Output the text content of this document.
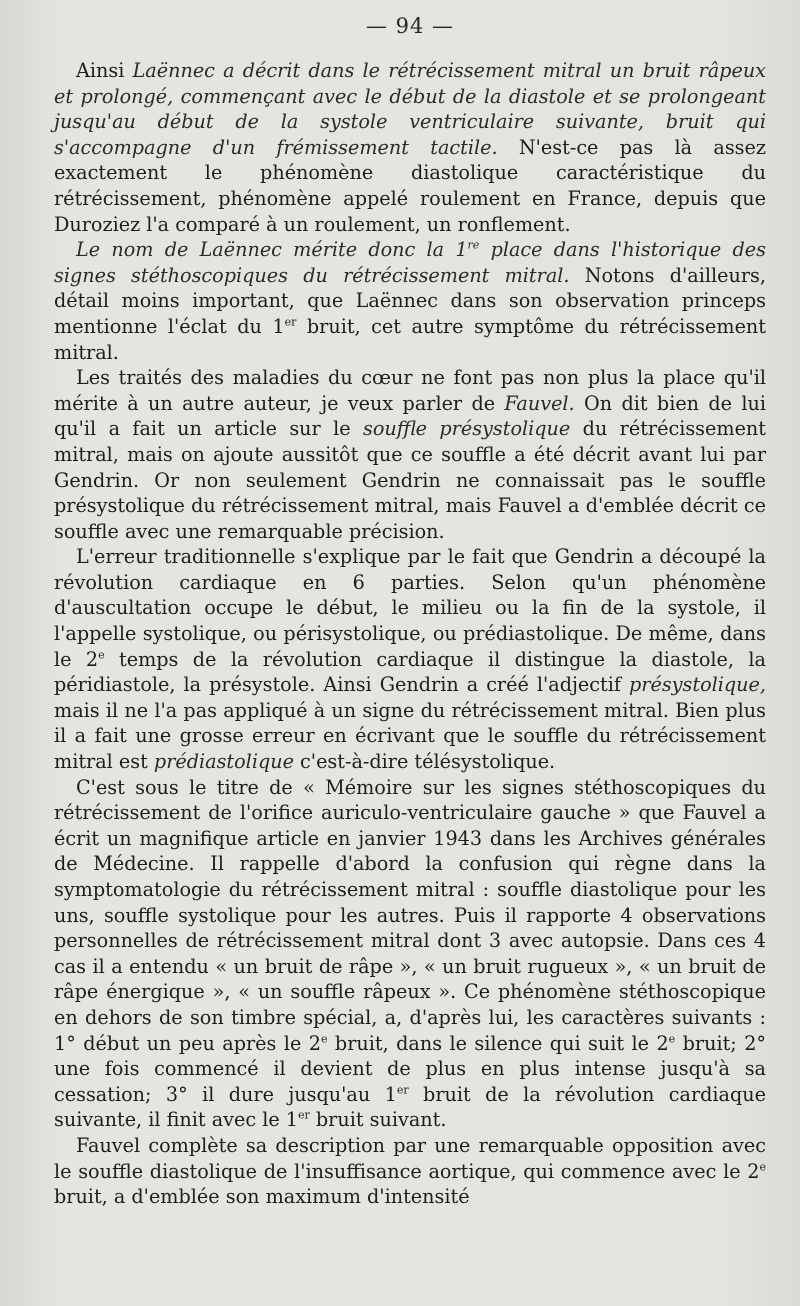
— 94 —

Ainsi Laënnec a décrit dans le rétrécissement mitral un bruit râpeux et prolongé, commençant avec le début de la diastole et se prolongeant jusqu'au début de la systole ventriculaire suivante, bruit qui s'accompagne d'un frémissement tactile. N'est-ce pas là assez exactement le phénomène diastolique caractéristique du rétrécissement, phénomène appelé roulement en France, depuis que Duroziez l'a comparé à un roulement, un ronflement.

Le nom de Laënnec mérite donc la 1re place dans l'historique des signes stéthoscopiques du rétrécissement mitral. Notons d'ailleurs, détail moins important, que Laënnec dans son observation princeps mentionne l'éclat du 1er bruit, cet autre symptôme du rétrécissement mitral.

Les traités des maladies du cœur ne font pas non plus la place qu'il mérite à un autre auteur, je veux parler de Fauvel. On dit bien de lui qu'il a fait un article sur le souffle présystolique du rétrécissement mitral, mais on ajoute aussitôt que ce souffle a été décrit avant lui par Gendrin. Or non seulement Gendrin ne connaissait pas le souffle présystolique du rétrécissement mitral, mais Fauvel a d'emblée décrit ce souffle avec une remarquable précision.

L'erreur traditionnelle s'explique par le fait que Gendrin a découpé la révolution cardiaque en 6 parties. Selon qu'un phénomène d'auscultation occupe le début, le milieu ou la fin de la systole, il l'appelle systolique, ou périsystolique, ou prédiastolique. De même, dans le 2e temps de la révolution cardiaque il distingue la diastole, la péridiastole, la présystole. Ainsi Gendrin a créé l'adjectif présystolique, mais il ne l'a pas appliqué à un signe du rétrécissement mitral. Bien plus il a fait une grosse erreur en écrivant que le souffle du rétrécissement mitral est prédiastolique c'est-à-dire télésystolique.

C'est sous le titre de « Mémoire sur les signes stéthoscopiques du rétrécissement de l'orifice auriculo-ventriculaire gauche » que Fauvel a écrit un magnifique article en janvier 1943 dans les Archives générales de Médecine. Il rappelle d'abord la confusion qui règne dans la symptomatologie du rétrécissement mitral : souffle diastolique pour les uns, souffle systolique pour les autres. Puis il rapporte 4 observations personnelles de rétrécissement mitral dont 3 avec autopsie. Dans ces 4 cas il a entendu « un bruit de râpe », « un bruit rugueux », « un bruit de râpe énergique », « un souffle râpeux ». Ce phénomène stéthoscopique en dehors de son timbre spécial, a, d'après lui, les caractères suivants : 1° début un peu après le 2e bruit, dans le silence qui suit le 2e bruit; 2° une fois commencé il devient de plus en plus intense jusqu'à sa cessation; 3° il dure jusqu'au 1er bruit de la révolution cardiaque suivante, il finit avec le 1er bruit suivant.

Fauvel complète sa description par une remarquable opposition avec le souffle diastolique de l'insuffisance aortique, qui commence avec le 2e bruit, a d'emblée son maximum d'intensité
